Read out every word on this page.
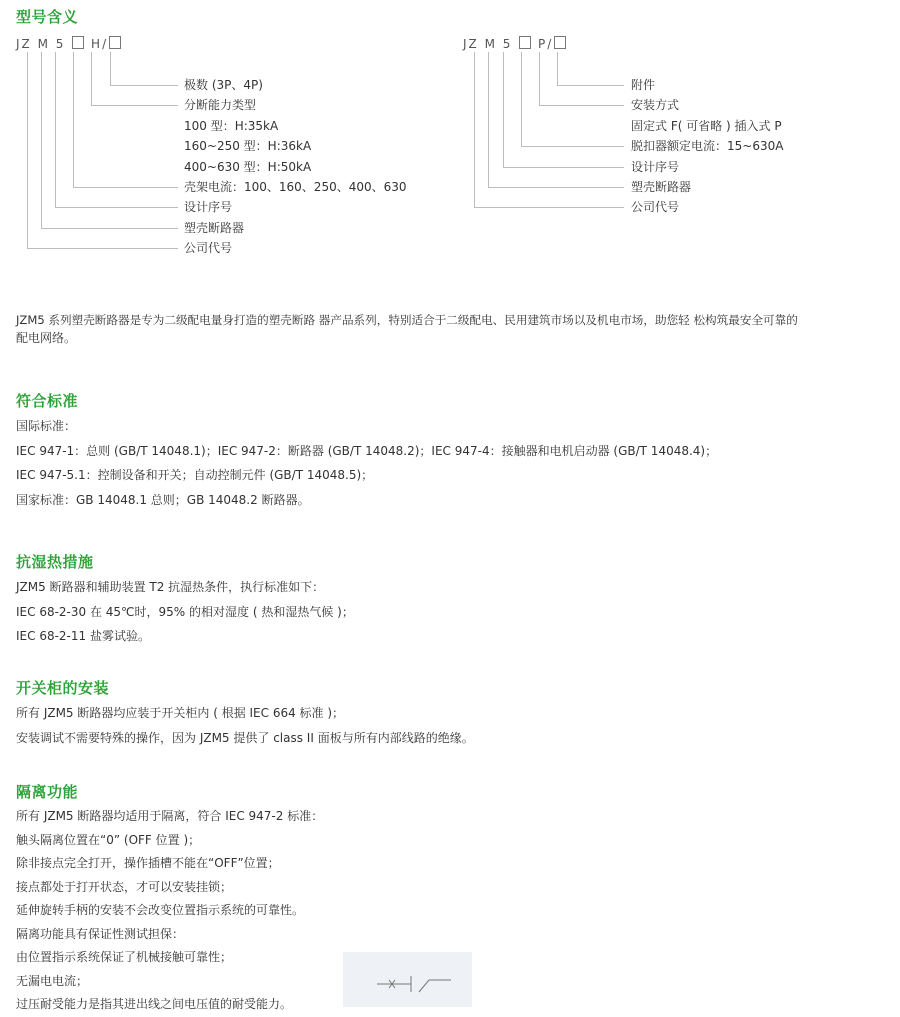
型号含义
JZ M 5 H/
极数 (3P、4P)
分断能力类型
100 型：H:35kA
160~250 型：H:36kA
400~630 型：H:50kA
壳架电流：100、160、250、400、630
设计序号
塑壳断路器
公司代号
JZ M 5 P/
附件
安装方式
固定式 F( 可省略 ) 插入式 P
脱扣器额定电流：15~630A
设计序号
塑壳断路器
公司代号
JZM5 系列塑壳断路器是专为二级配电量身打造的塑壳断路 器产品系列，特别适合于二级配电、民用建筑市场以及机电市场，助您轻 松构筑最安全可靠的
配电网络。
符合标准
国际标准：
IEC 947-1：总则 (GB/T 14048.1)；IEC 947-2：断路器 (GB/T 14048.2)；IEC 947-4：接触器和电机启动器 (GB/T 14048.4)；
IEC 947-5.1：控制设备和开关；自动控制元件 (GB/T 14048.5)；
国家标准：GB 14048.1 总则；GB 14048.2 断路器。
抗湿热措施
JZM5 断路器和辅助装置 T2 抗湿热条件，执行标准如下：
IEC 68-2-30 在 45℃时，95% 的相对湿度 ( 热和湿热气候 )；
IEC 68-2-11 盐雾试验。
开关柜的安装
所有 JZM5 断路器均应装于开关柜内 ( 根据 IEC 664 标准 )；
安装调试不需要特殊的操作，因为 JZM5 提供了 class II 面板与所有内部线路的绝缘。
隔离功能
所有 JZM5 断路器均适用于隔离，符合 IEC 947-2 标准：
触头隔离位置在“0” (OFF 位置 )；
除非接点完全打开，操作插槽不能在“OFF”位置；
接点都处于打开状态，才可以安装挂锁；
延伸旋转手柄的安装不会改变位置指示系统的可靠性。
隔离功能具有保证性测试担保：
由位置指示系统保证了机械接触可靠性；
无漏电电流；
过压耐受能力是指其进出线之间电压值的耐受能力。
